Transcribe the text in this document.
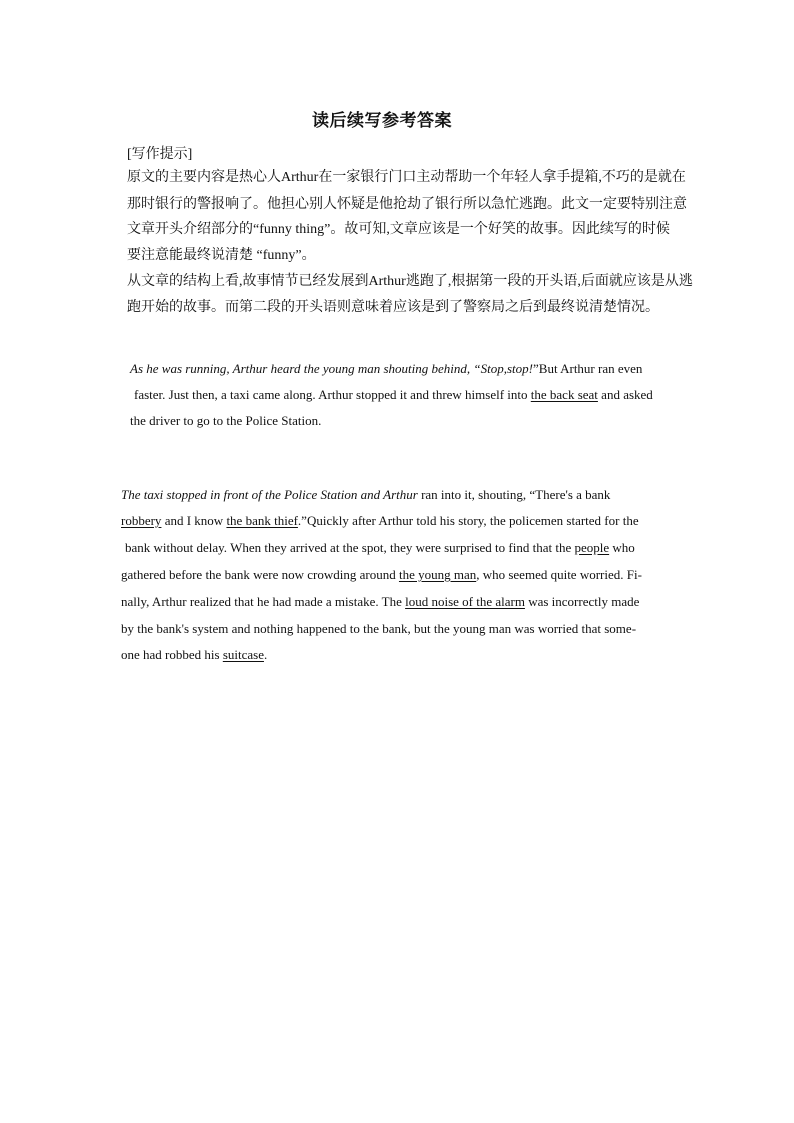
读后续写参考答案
[写作提示]
原文的主要内容是热心人Arthur在一家银行门口主动帮助一个年轻人拿手提箱,不巧的是就在
那时银行的警报响了。他担心别人怀疑是他抢劫了银行所以急忙逃跑。此文一定要特别注意
文章开头介绍部分的“funny thing”。故可知,文章应该是一个好笑的故事。因此续写的时候
要注意能最终说清楚 “funny”。
从文章的结构上看,故事情节已经发展到Arthur逃跑了,根据第一段的开头语,后面就应该是从逃
跑开始的故事。而第二段的开头语则意味着应该是到了警察局之后到最终说清楚情况。
As he was running, Arthur heard the young man shouting behind, “Stop,stop!”But Arthur ran even
faster. Just then, a taxi came along. Arthur stopped it and threw himself into the back seat and asked
the driver to go to the Police Station.
The taxi stopped in front of the Police Station and Arthur ran into it, shouting, “There's a bank
robbery and I know the bank thief.”Quickly after Arthur told his story, the policemen started for the
bank without delay. When they arrived at the spot, they were surprised to find that the people who
gathered before the bank were now crowding around the young man, who seemed quite worried. Fi-
nally, Arthur realized that he had made a mistake. The loud noise of the alarm was incorrectly made
by the bank's system and nothing happened to the bank, but the young man was worried that some-
one had robbed his suitcase.
